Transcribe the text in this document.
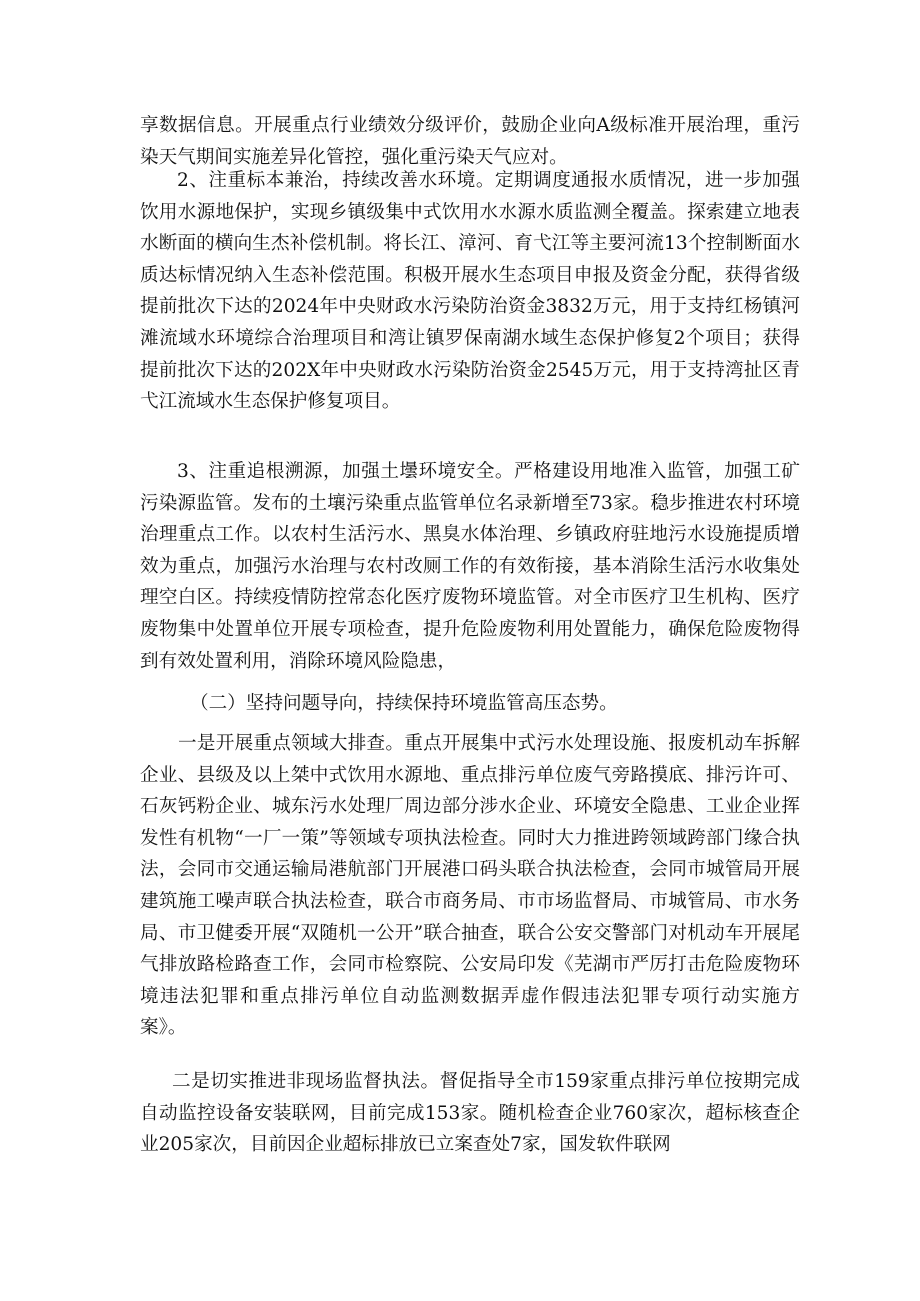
享数据信息。开展重点行业绩效分级评价，鼓励企业向A级标准开展治理，重污染天气期间实施差异化管控，强化重污染天气应对。

2、注重标本兼治，持续改善水环境。定期调度通报水质情况，进一步加强饮用水源地保护，实现乡镇级集中式饮用水水源水质监测全覆盖。探索建立地表水断面的横向生杰补偿机制。将长江、漳河、育弋江等主要河流13个控制断面水质达标情况纳入生态补偿范围。积极开展水生态项目申报及资金分配，获得省级提前批次下达的2024年中央财政水污染防治资金3832万元，用于支持红杨镇河滩流域水环境综合治理项目和湾让镇罗保南湖水域生态保护修复2个项目；获得提前批次下达的202X年中央财政水污染防治资金2545万元，用于支持湾扯区青弋江流域水生态保护修复项目。

3、注重追根溯源，加强土壜环境安全。严格建设用地准入监管，加强工矿污染源监管。发布的土壤污染重点监管单位名录新增至73家。稳步推进农村环境治理重点工作。以农村生活污水、黑臭水体治理、乡镇政府驻地污水设施提质增效为重点，加强污水治理与农村改厕工作的有效衔接，基本消除生活污水收集处理空白区。持续疫情防控常态化医疗废物环境监管。对全市医疗卫生机构、医疗废物集中处置单位开展专项检查，提升危险废物利用处置能力，确保危险废物得到有效处置利用，消除环境风险隐患，

（二）坚持问题导向，持续保持环境监管高压态势。

一是开展重点领域大排查。重点开展集中式污水处理设施、报废机动车拆解企业、县级及以上桀中式饮用水源地、重点排污单位废气旁路摸底、排污许可、石灰钙粉企业、城东污水处理厂周边部分涉水企业、环境安全隐患、工业企业挥发性有机物“一厂一策”等领域专项执法检查。同时大力推进跨领域跨部门缘合执法，会同市交通运输局港航部门开展港口码头联合执法检查，会同市城管局开展建筑施工噪声联合执法检查，联合市商务局、市市场监督局、市城管局、市水务局、市卫健委开展“双随机一公开”联合抽查，联合公安交警部门对机动车开展尾气排放路检路查工作，会同市检察院、公安局印发《芜湖市严厉打击危险废物环境违法犯罪和重点排污单位自动监测数据弄虚作假违法犯罪专项行动实施方案》。

二是切实推进非现场监督执法。督促指导全市159家重点排污单位按期完成自动监控设备安装联网，目前完成153家。随机检查企业760家次，超标核查企业205家次，目前因企业超标排放已立案查处7家，国发软件联网
